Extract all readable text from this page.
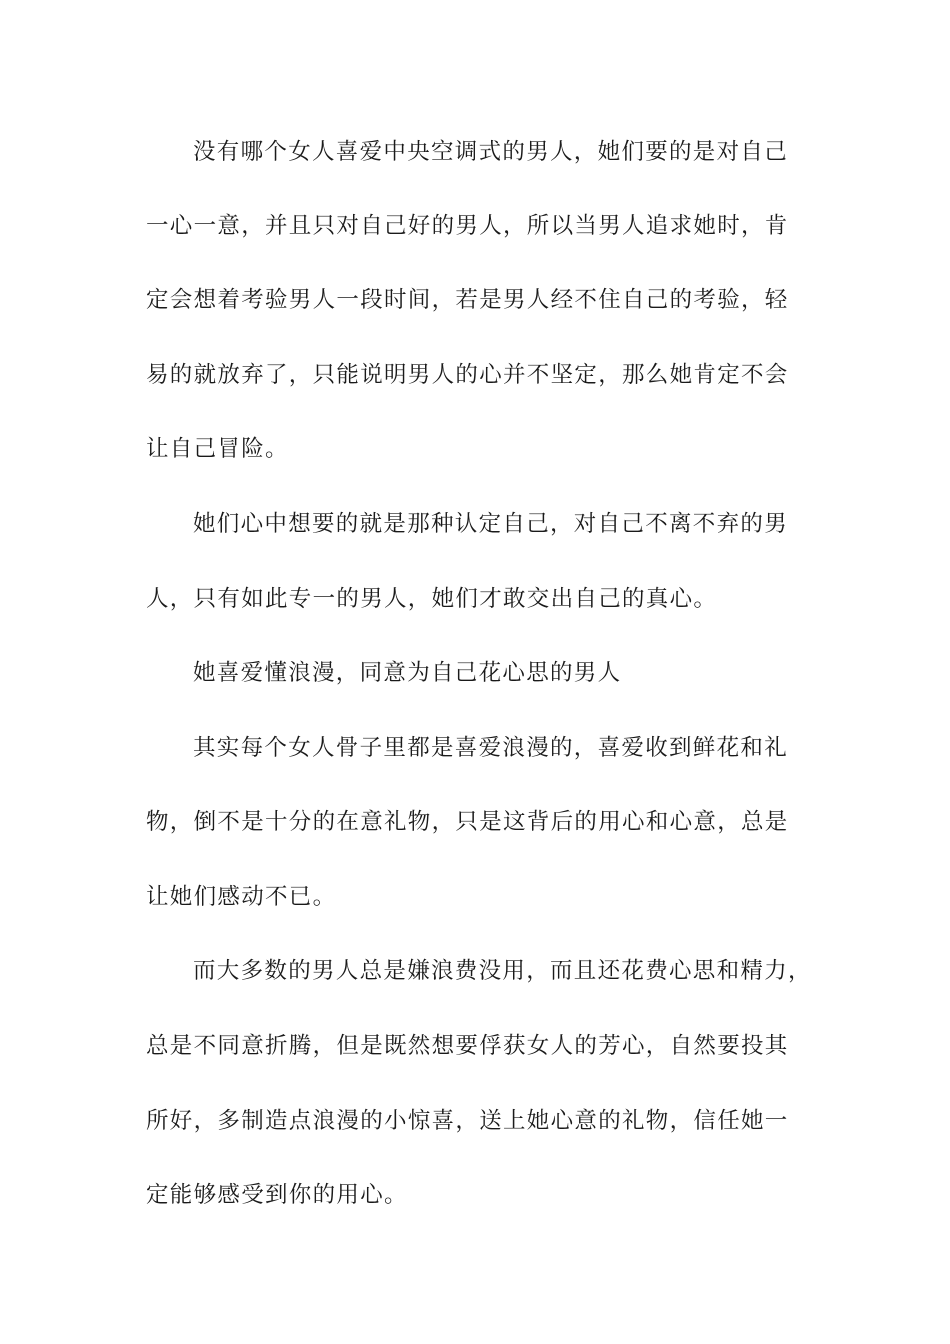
没有哪个女人喜爱中央空调式的男人，她们要的是对自己

一心一意，并且只对自己好的男人，所以当男人追求她时，肯

定会想着考验男人一段时间，若是男人经不住自己的考验，轻

易的就放弃了，只能说明男人的心并不坚定，那么她肯定不会

让自己冒险。

她们心中想要的就是那种认定自己，对自己不离不弃的男

人，只有如此专一的男人，她们才敢交出自己的真心。

她喜爱懂浪漫，同意为自己花心思的男人

其实每个女人骨子里都是喜爱浪漫的，喜爱收到鲜花和礼

物，倒不是十分的在意礼物，只是这背后的用心和心意，总是

让她们感动不已。

而大多数的男人总是嫌浪费没用，而且还花费心思和精力，

总是不同意折腾，但是既然想要俘获女人的芳心，自然要投其

所好，多制造点浪漫的小惊喜，送上她心意的礼物，信任她一

定能够感受到你的用心。
